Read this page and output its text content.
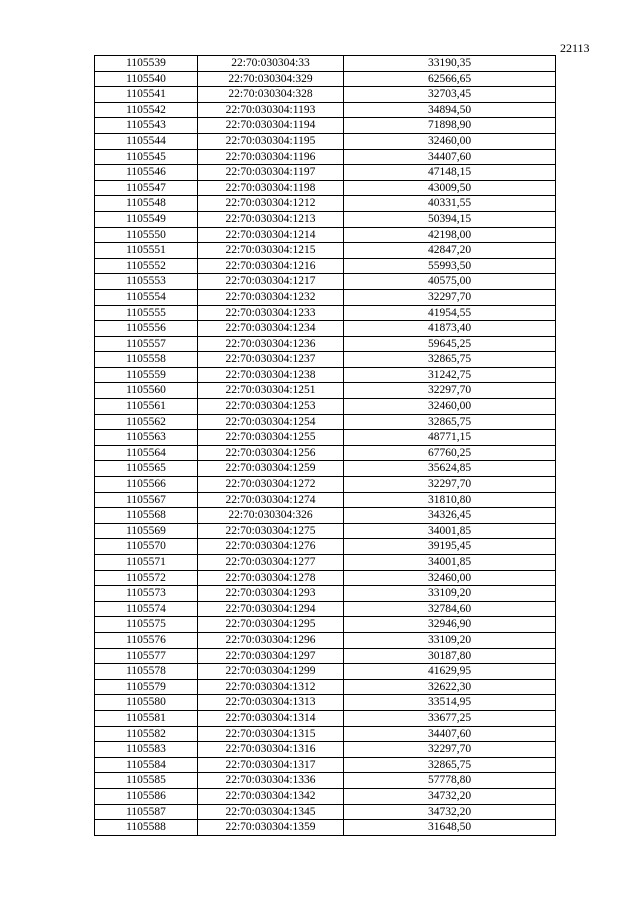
22113
1105539	22:70:030304:33	33190,35
1105540	22:70:030304:329	62566,65
1105541	22:70:030304:328	32703,45
1105542	22:70:030304:1193	34894,50
1105543	22:70:030304:1194	71898,90
1105544	22:70:030304:1195	32460,00
1105545	22:70:030304:1196	34407,60
1105546	22:70:030304:1197	47148,15
1105547	22:70:030304:1198	43009,50
1105548	22:70:030304:1212	40331,55
1105549	22:70:030304:1213	50394,15
1105550	22:70:030304:1214	42198,00
1105551	22:70:030304:1215	42847,20
1105552	22:70:030304:1216	55993,50
1105553	22:70:030304:1217	40575,00
1105554	22:70:030304:1232	32297,70
1105555	22:70:030304:1233	41954,55
1105556	22:70:030304:1234	41873,40
1105557	22:70:030304:1236	59645,25
1105558	22:70:030304:1237	32865,75
1105559	22:70:030304:1238	31242,75
1105560	22:70:030304:1251	32297,70
1105561	22:70:030304:1253	32460,00
1105562	22:70:030304:1254	32865,75
1105563	22:70:030304:1255	48771,15
1105564	22:70:030304:1256	67760,25
1105565	22:70:030304:1259	35624,85
1105566	22:70:030304:1272	32297,70
1105567	22:70:030304:1274	31810,80
1105568	22:70:030304:326	34326,45
1105569	22:70:030304:1275	34001,85
1105570	22:70:030304:1276	39195,45
1105571	22:70:030304:1277	34001,85
1105572	22:70:030304:1278	32460,00
1105573	22:70:030304:1293	33109,20
1105574	22:70:030304:1294	32784,60
1105575	22:70:030304:1295	32946,90
1105576	22:70:030304:1296	33109,20
1105577	22:70:030304:1297	30187,80
1105578	22:70:030304:1299	41629,95
1105579	22:70:030304:1312	32622,30
1105580	22:70:030304:1313	33514,95
1105581	22:70:030304:1314	33677,25
1105582	22:70:030304:1315	34407,60
1105583	22:70:030304:1316	32297,70
1105584	22:70:030304:1317	32865,75
1105585	22:70:030304:1336	57778,80
1105586	22:70:030304:1342	34732,20
1105587	22:70:030304:1345	34732,20
1105588	22:70:030304:1359	31648,50
